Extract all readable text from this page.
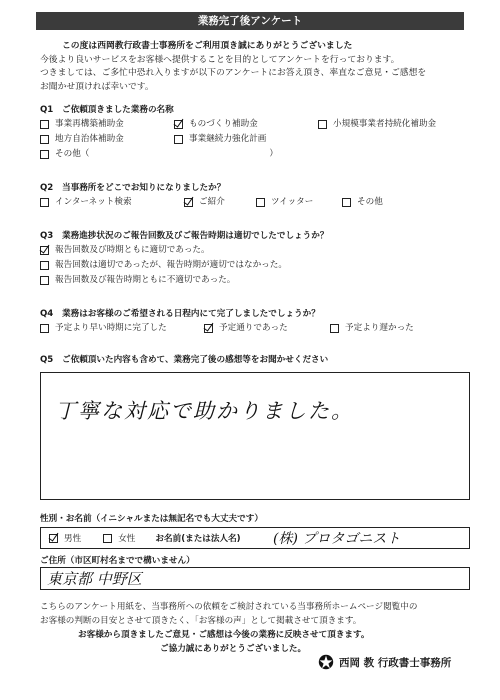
業務完了後アンケート
この度は西岡教行政書士事務所をご利用頂き誠にありがとうございました
今後より良いサービスをお客様へ提供することを目的としてアンケートを行っております。
つきましては、ご多忙中恐れ入りますが以下のアンケートにお答え頂き、率直なご意見・ご感想を
お聞かせ頂ければ幸いです。
Q1 ご依頼頂きました業務の名称
事業再構築補助金	ものづくり補助金	小規模事業者持続化補助金
地方自治体補助金	事業継続力強化計画
その他（	）
Q2 当事務所をどこでお知りになりましたか？
インターネット検索	ご紹介	ツイッター	その他
Q3 業務進捗状況のご報告回数及びご報告時期は適切でしたでしょうか？
報告回数及び時期ともに適切であった。
報告回数は適切であったが、報告時期が適切ではなかった。
報告回数及び報告時期ともに不適切であった。
Q4 業務はお客様のご希望される日程内にて完了しましたでしょうか？
予定より早い時期に完了した	予定通りであった	予定より遅かった
Q5 ご依頼頂いた内容も含めて、業務完了後の感想等をお聞かせください
丁寧な対応で助かりました。
性別・お名前（イニシャルまたは無記名でも大丈夫です）
男性	女性 お名前(または法人名) (株) プロタゴニスト
ご住所（市区町村名までで構いません）
東京都 中野区
こちらのアンケート用紙を、当事務所への依頼をご検討されている当事務所ホームページ閲覧中の
お客様の判断の目安とさせて頂きたく、「お客様の声」として掲載させて頂きます。
お客様から頂きましたご意見・ご感想は今後の業務に反映させて頂きます。
ご協力誠にありがとうございました。
西岡 教 行政書士事務所
